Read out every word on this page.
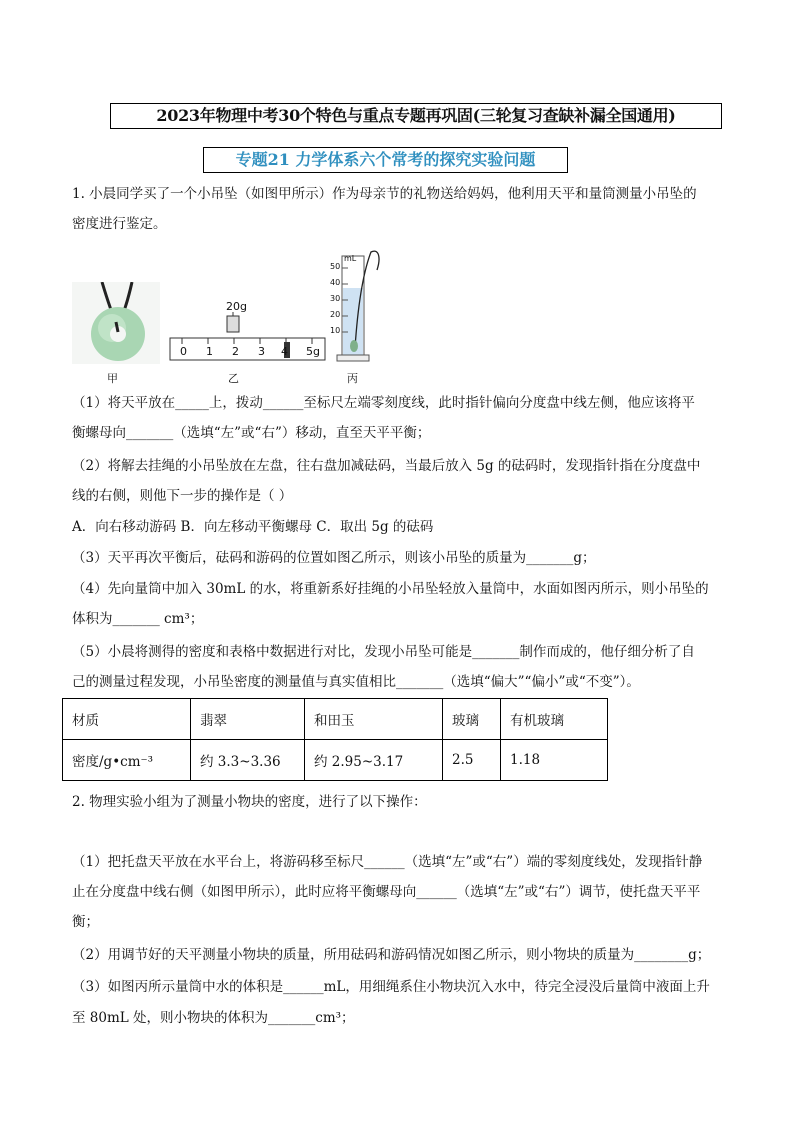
2023年物理中考30个特色与重点专题再巩固(三轮复习查缺补漏全国通用)
专题21 力学体系六个常考的探究实验问题
1. 小晨同学买了一个小吊坠（如图甲所示）作为母亲节的礼物送给妈妈，他利用天平和量筒测量小吊坠的
密度进行鉴定。
甲
20g
0 1 2 3 4 5g
乙
mL
50
40
30
20
10
丙
（1）将天平放在_____上，拨动______至标尺左端零刻度线，此时指针偏向分度盘中线左侧，他应该将平
衡螺母向_______（选填“左”或“右”）移动，直至天平平衡；
（2）将解去挂绳的小吊坠放在左盘，往右盘加减砝码，当最后放入 5g 的砝码时，发现指针指在分度盘中
线的右侧，则他下一步的操作是（ ）
A．向右移动游码 B．向左移动平衡螺母 C．取出 5g 的砝码
（3）天平再次平衡后，砝码和游码的位置如图乙所示，则该小吊坠的质量为_______g；
（4）先向量筒中加入 30mL 的水，将重新系好挂绳的小吊坠轻放入量筒中，水面如图丙所示，则小吊坠的
体积为_______ cm³；
（5）小晨将测得的密度和表格中数据进行对比，发现小吊坠可能是_______制作而成的，他仔细分析了自
己的测量过程发现，小吊坠密度的测量值与真实值相比_______（选填“偏大”“偏小”或“不变”）。
材质	翡翠	和田玉	玻璃	有机玻璃
密度/g•cm⁻³	约 3.3~3.36	约 2.95~3.17	2.5	1.18
2. 物理实验小组为了测量小物块的密度，进行了以下操作：
（1）把托盘天平放在水平台上，将游码移至标尺______（选填“左”或“右”）端的零刻度线处，发现指针静
止在分度盘中线右侧（如图甲所示），此时应将平衡螺母向______（选填“左”或“右”）调节，使托盘天平平
衡；
（2）用调节好的天平测量小物块的质量，所用砝码和游码情况如图乙所示，则小物块的质量为________g；
（3）如图丙所示量筒中水的体积是______mL，用细绳系住小物块沉入水中，待完全浸没后量筒中液面上升
至 80mL 处，则小物块的体积为_______cm³；
